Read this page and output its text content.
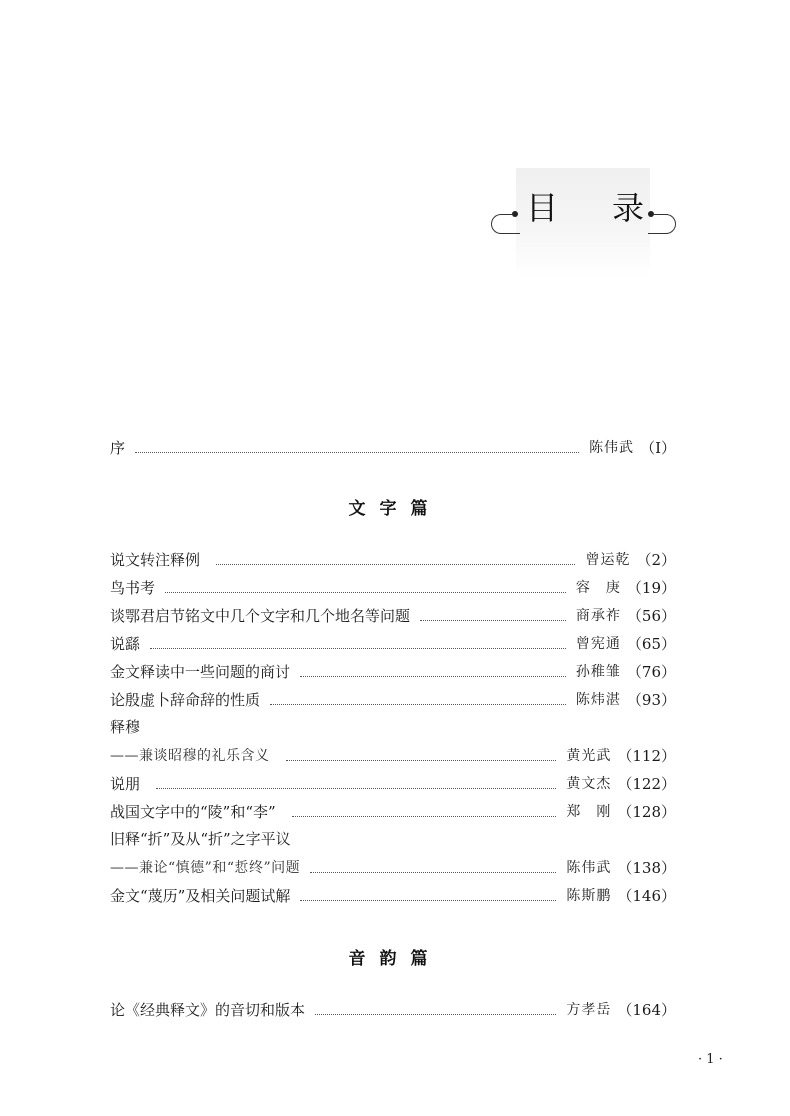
目 录
序	陈伟武 （Ⅰ）
文字篇
说文转注释例	曾运乾 （2）
鸟书考	容　庚 （19）
谈鄂君启节铭文中几个文字和几个地名等问题	商承祚 （56）
说繇	曾宪通 （65）
金文释读中一些问题的商讨	孙稚雏 （76）
论殷虚卜辞命辞的性质	陈炜湛 （93）
释穆
——兼谈昭穆的礼乐含义	黄光武 （112）
说朋	黄文杰 （122）
战国文字中的“陵”和“李”	郑　刚 （128）
旧释“折”及从“折”之字平议
——兼论“慎德”和“悊终”问题	陈伟武 （138）
金文“蔑历”及相关问题试解	陈斯鹏 （146）
音韵篇
论《经典释文》的音切和版本	方孝岳 （164）
· 1 ·
